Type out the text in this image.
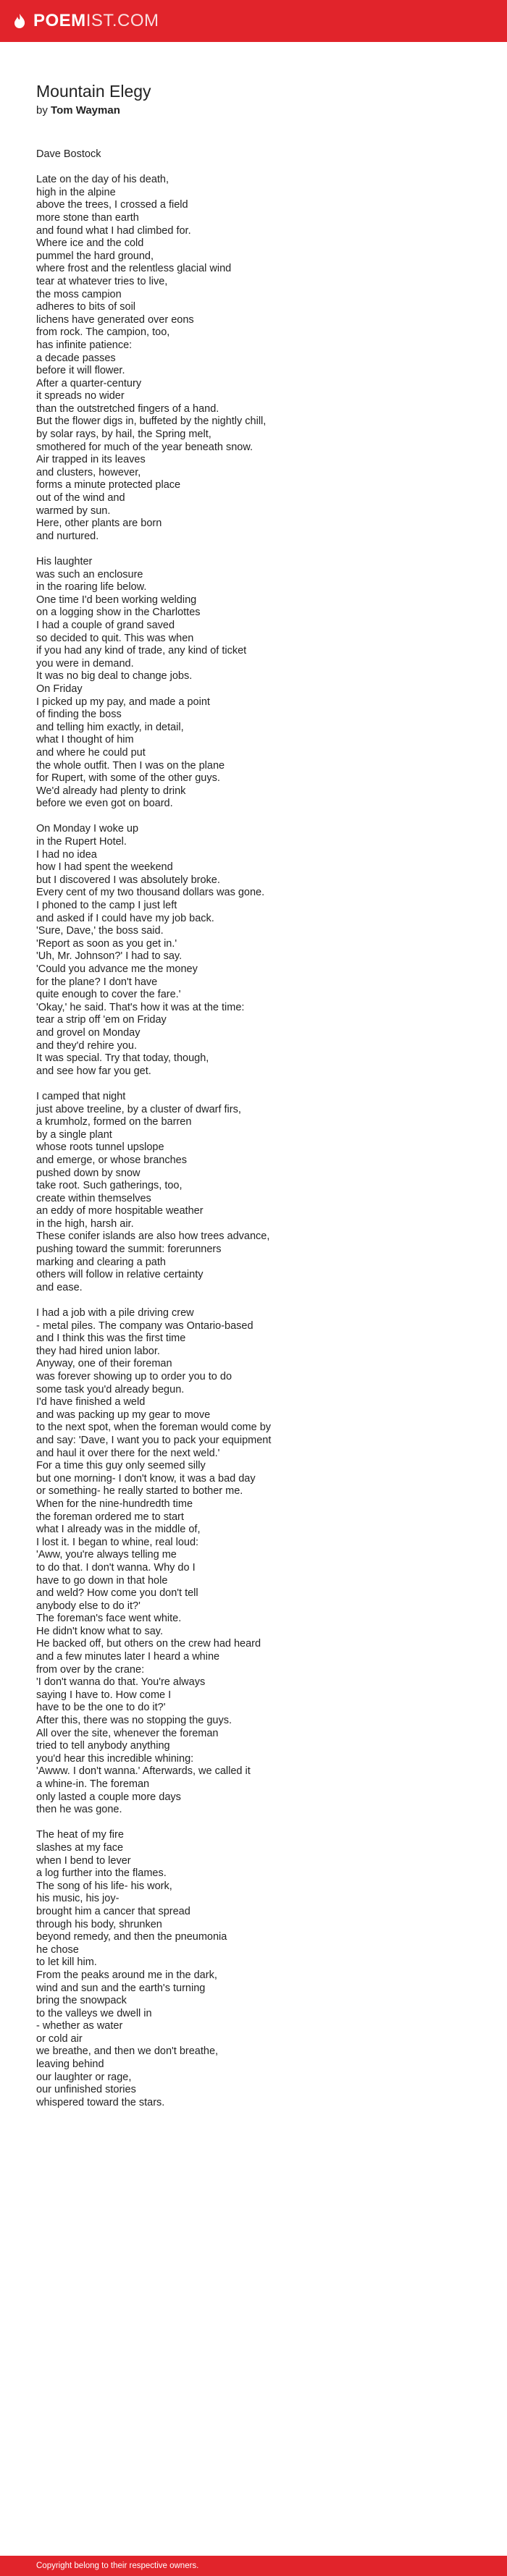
POEMIST.COM
Mountain Elegy
by Tom Wayman
Dave Bostock
Late on the day of his death,
high in the alpine
above the trees, I crossed a field
more stone than earth
and found what I had climbed for.
Where ice and the cold
pummel the hard ground,
where frost and the relentless glacial wind
tear at whatever tries to live,
the moss campion
adheres to bits of soil
lichens have generated over eons
from rock. The campion, too,
has infinite patience:
a decade passes
before it will flower.
After a quarter-century
it spreads no wider
than the outstretched fingers of a hand.
But the flower digs in, buffeted by the nightly chill,
by solar rays, by hail, the Spring melt,
smothered for much of the year beneath snow.
Air trapped in its leaves
and clusters, however,
forms a minute protected place
out of the wind and
warmed by sun.
Here, other plants are born
and nurtured.
His laughter
was such an enclosure
in the roaring life below.
One time I'd been working welding
on a logging show in the Charlottes
I had a couple of grand saved
so decided to quit. This was when
if you had any kind of trade, any kind of ticket
you were in demand.
It was no big deal to change jobs.
On Friday
I picked up my pay, and made a point
of finding the boss
and telling him exactly, in detail,
what I thought of him
and where he could put
the whole outfit. Then I was on the plane
for Rupert, with some of the other guys.
We'd already had plenty to drink
before we even got on board.
On Monday I woke up
in the Rupert Hotel.
I had no idea
how I had spent the weekend
but I discovered I was absolutely broke.
Every cent of my two thousand dollars was gone.
I phoned to the camp I just left
and asked if I could have my job back.
'Sure, Dave,' the boss said.
'Report as soon as you get in.'
'Uh, Mr. Johnson?' I had to say.
'Could you advance me the money
for the plane? I don't have
quite enough to cover the fare.'
'Okay,' he said. That's how it was at the time:
tear a strip off 'em on Friday
and grovel on Monday
and they'd rehire you.
It was special. Try that today, though,
and see how far you get.
I camped that night
just above treeline, by a cluster of dwarf firs,
a krumholz, formed on the barren
by a single plant
whose roots tunnel upslope
and emerge, or whose branches
pushed down by snow
take root. Such gatherings, too,
create within themselves
an eddy of more hospitable weather
in the high, harsh air.
These conifer islands are also how trees advance,
pushing toward the summit: forerunners
marking and clearing a path
others will follow in relative certainty
and ease.
I had a job with a pile driving crew
- metal piles. The company was Ontario-based
and I think this was the first time
they had hired union labor.
Anyway, one of their foreman
was forever showing up to order you to do
some task you'd already begun.
I'd have finished a weld
and was packing up my gear to move
to the next spot, when the foreman would come by
and say: 'Dave, I want you to pack your equipment
and haul it over there for the next weld.'
For a time this guy only seemed silly
but one morning- I don't know, it was a bad day
or something- he really started to bother me.
When for the nine-hundredth time
the foreman ordered me to start
what I already was in the middle of,
I lost it. I began to whine, real loud:
'Aww, you're always telling me
to do that. I don't wanna. Why do I
have to go down in that hole
and weld? How come you don't tell
anybody else to do it?'
The foreman's face went white.
He didn't know what to say.
He backed off, but others on the crew had heard
and a few minutes later I heard a whine
from over by the crane:
'I don't wanna do that. You're always
saying I have to. How come I
have to be the one to do it?'
After this, there was no stopping the guys.
All over the site, whenever the foreman
tried to tell anybody anything
you'd hear this incredible whining:
'Awww. I don't wanna.' Afterwards, we called it
a whine-in. The foreman
only lasted a couple more days
then he was gone.
The heat of my fire
slashes at my face
when I bend to lever
a log further into the flames.
The song of his life- his work,
his music, his joy-
brought him a cancer that spread
through his body, shrunken
beyond remedy, and then the pneumonia
he chose
to let kill him.
From the peaks around me in the dark,
wind and sun and the earth's turning
bring the snowpack
to the valleys we dwell in
- whether as water
or cold air
we breathe, and then we don't breathe,
leaving behind
our laughter or rage,
our unfinished stories
whispered toward the stars.
Copyright belong to their respective owners.
